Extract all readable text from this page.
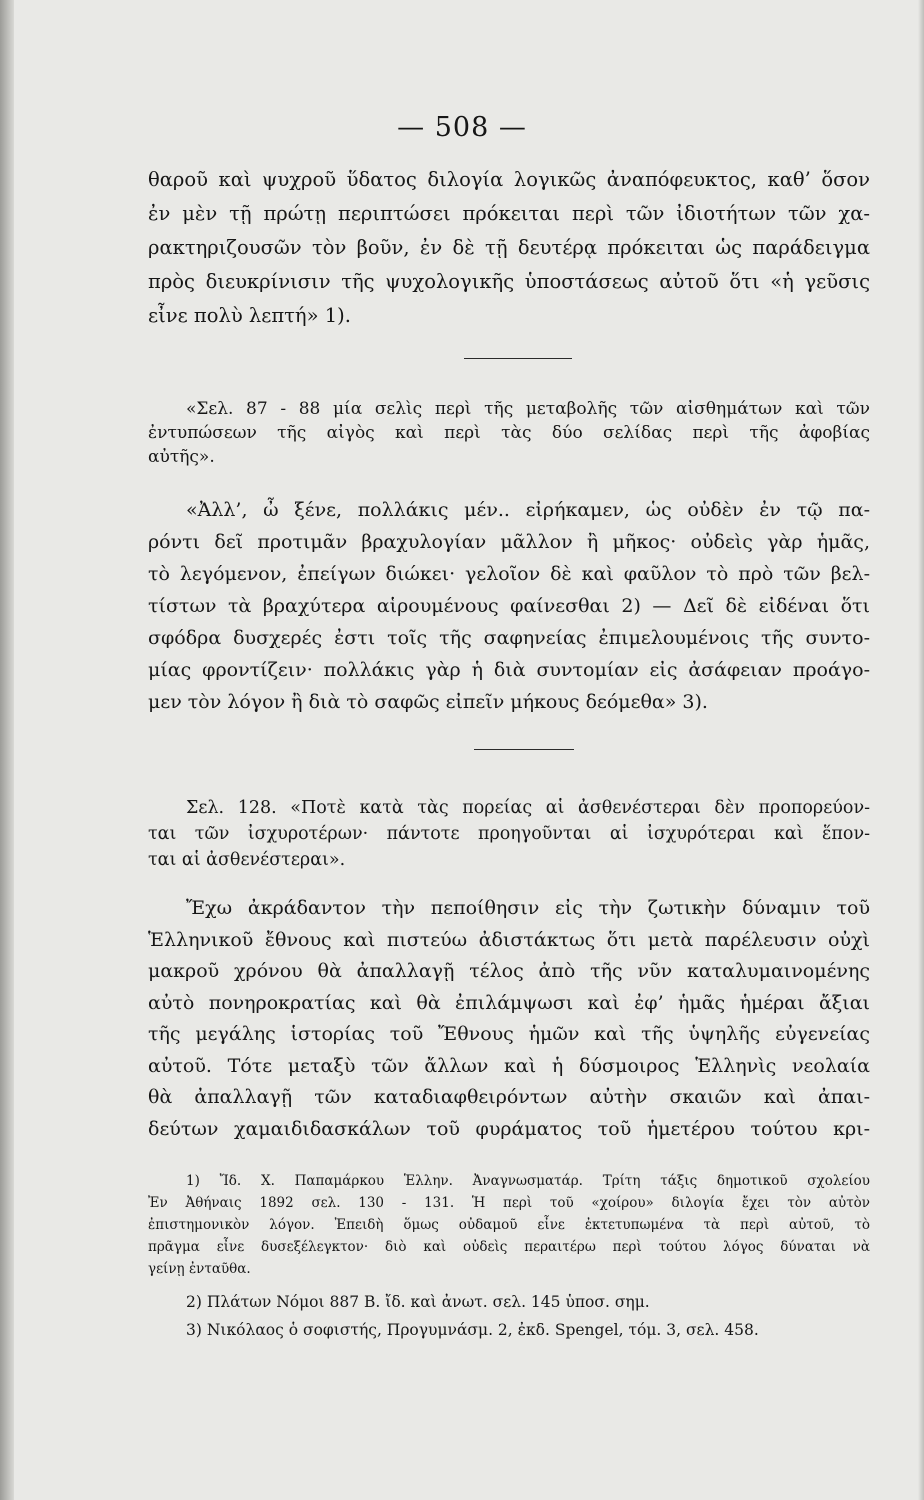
— 508 —
θαροῦ καὶ ψυχροῦ ὕδατος διλογία λογικῶς ἀναπόφευκτος, καθ’ ὅσον
ἐν μὲν τῇ πρώτῃ περιπτώσει πρόκειται περὶ τῶν ἰδιοτήτων τῶν χα-
ρακτηριζουσῶν τὸν βοῦν, ἐν δὲ τῇ δευτέρᾳ πρόκειται ὡς παράδειγμα
πρὸς διευκρίνισιν τῆς ψυχολογικῆς ὑποστάσεως αὐτοῦ ὅτι «ἡ γεῦσις
εἶνε πολὺ λεπτή» 1).
«Σελ. 87 - 88 μία σελὶς περὶ τῆς μεταβολῆς τῶν αἰσθημάτων καὶ τῶν
ἐντυπώσεων τῆς αἰγὸς καὶ περὶ τὰς δύο σελίδας περὶ τῆς ἀφοβίας
αὐτῆς».
«Ἀλλ’, ὦ ξένε, πολλάκις μέν.. εἰρήκαμεν, ὡς οὐδὲν ἐν τῷ πα-
ρόντι δεῖ προτιμᾶν βραχυλογίαν μᾶλλον ἢ μῆκος· οὐδεὶς γὰρ ἡμᾶς,
τὸ λεγόμενον, ἐπείγων διώκει· γελοῖον δὲ καὶ φαῦλον τὸ πρὸ τῶν βελ-
τίστων τὰ βραχύτερα αἱρουμένους φαίνεσθαι 2) — Δεῖ δὲ εἰδέναι ὅτι
σφόδρα δυσχερές ἐστι τοῖς τῆς σαφηνείας ἐπιμελουμένοις τῆς συντο-
μίας φροντίζειν· πολλάκις γὰρ ἡ διὰ συντομίαν εἰς ἀσάφειαν προάγο-
μεν τὸν λόγον ἢ διὰ τὸ σαφῶς εἰπεῖν μήκους δεόμεθα» 3).
Σελ. 128. «Ποτὲ κατὰ τὰς πορείας αἱ ἀσθενέστεραι δὲν προπορεύον-
ται τῶν ἰσχυροτέρων· πάντοτε προηγοῦνται αἱ ἰσχυρότεραι καὶ ἕπον-
ται αἱ ἀσθενέστεραι».
Ἔχω ἀκράδαντον τὴν πεποίθησιν εἰς τὴν ζωτικὴν δύναμιν τοῦ
Ἑλληνικοῦ ἔθνους καὶ πιστεύω ἀδιστάκτως ὅτι μετὰ παρέλευσιν οὐχὶ
μακροῦ χρόνου θὰ ἀπαλλαγῇ τέλος ἀπὸ τῆς νῦν καταλυμαινομένης
αὐτὸ πονηροκρατίας καὶ θὰ ἐπιλάμψωσι καὶ ἐφ’ ἡμᾶς ἡμέραι ἄξιαι
τῆς μεγάλης ἱστορίας τοῦ Ἔθνους ἡμῶν καὶ τῆς ὑψηλῆς εὐγενείας
αὐτοῦ. Τότε μεταξὺ τῶν ἄλλων καὶ ἡ δύσμοιρος Ἑλληνὶς νεολαία
θὰ ἀπαλλαγῇ τῶν καταδιαφθειρόντων αὐτὴν σκαιῶν καὶ ἀπαι-
δεύτων χαμαιδιδασκάλων τοῦ φυράματος τοῦ ἡμετέρου τούτου κρι-
1) Ἴδ. Χ. Παπαμάρκου Ἑλλην. Ἀναγνωσματάρ. Τρίτη τάξις δημοτικοῦ σχολείου
Ἐν Ἀθήναις 1892 σελ. 130 - 131. Ἡ περὶ τοῦ «χοίρου» διλογία ἔχει τὸν αὐτὸν
ἐπιστημονικὸν λόγον. Ἐπειδὴ ὅμως οὐδαμοῦ εἶνε ἐκτετυπωμένα τὰ περὶ αὐτοῦ, τὸ
πρᾶγμα εἶνε δυσεξέλεγκτον· διὸ καὶ οὐδεὶς περαιτέρω περὶ τούτου λόγος δύναται νὰ
γείνῃ ἐνταῦθα.
2) Πλάτων Νόμοι 887 Β. ἴδ. καὶ ἀνωτ. σελ. 145 ὑποσ. σημ.
3) Νικόλαος ὁ σοφιστής, Προγυμνάσμ. 2, ἐκδ. Spengel, τόμ. 3, σελ. 458.
